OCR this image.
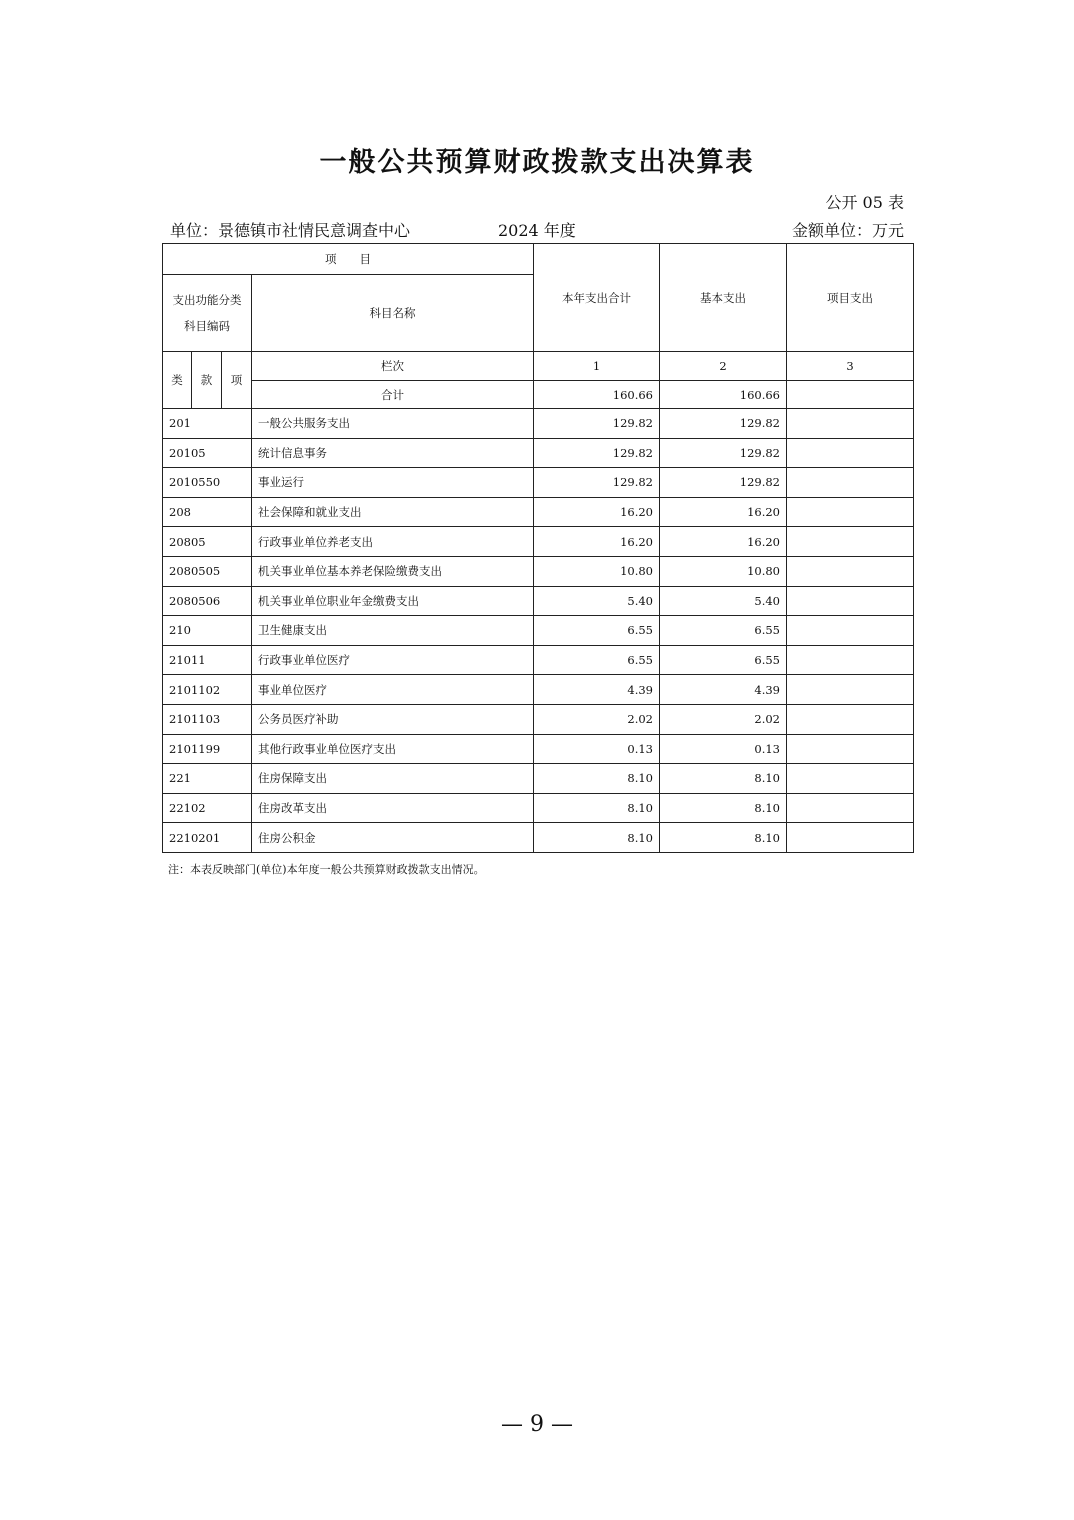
一般公共预算财政拨款支出决算表
公开 05 表
单位：景德镇市社情民意调查中心	2024 年度	金额单位：万元
项　　目				本年支出合计	基本支出	项目支出

支出功能分类
科目编码			科目名称			
类	款	项	栏次	1	2	3
			合计	160.66	160.66	
201			一般公共服务支出	129.82	129.82	
20105			统计信息事务	129.82	129.82	
2010550			事业运行	129.82	129.82	
208			社会保障和就业支出	16.20	16.20	
20805			行政事业单位养老支出	16.20	16.20	
2080505			机关事业单位基本养老保险缴费支出	10.80	10.80	
2080506			机关事业单位职业年金缴费支出	5.40	5.40	
210			卫生健康支出	6.55	6.55	
21011			行政事业单位医疗	6.55	6.55	
2101102			事业单位医疗	4.39	4.39	
2101103			公务员医疗补助	2.02	2.02	
2101199			其他行政事业单位医疗支出	0.13	0.13	
221			住房保障支出	8.10	8.10	
22102			住房改革支出	8.10	8.10	
2210201			住房公积金	8.10	8.10	
注：本表反映部门(单位)本年度一般公共预算财政拨款支出情况。
— 9 —
